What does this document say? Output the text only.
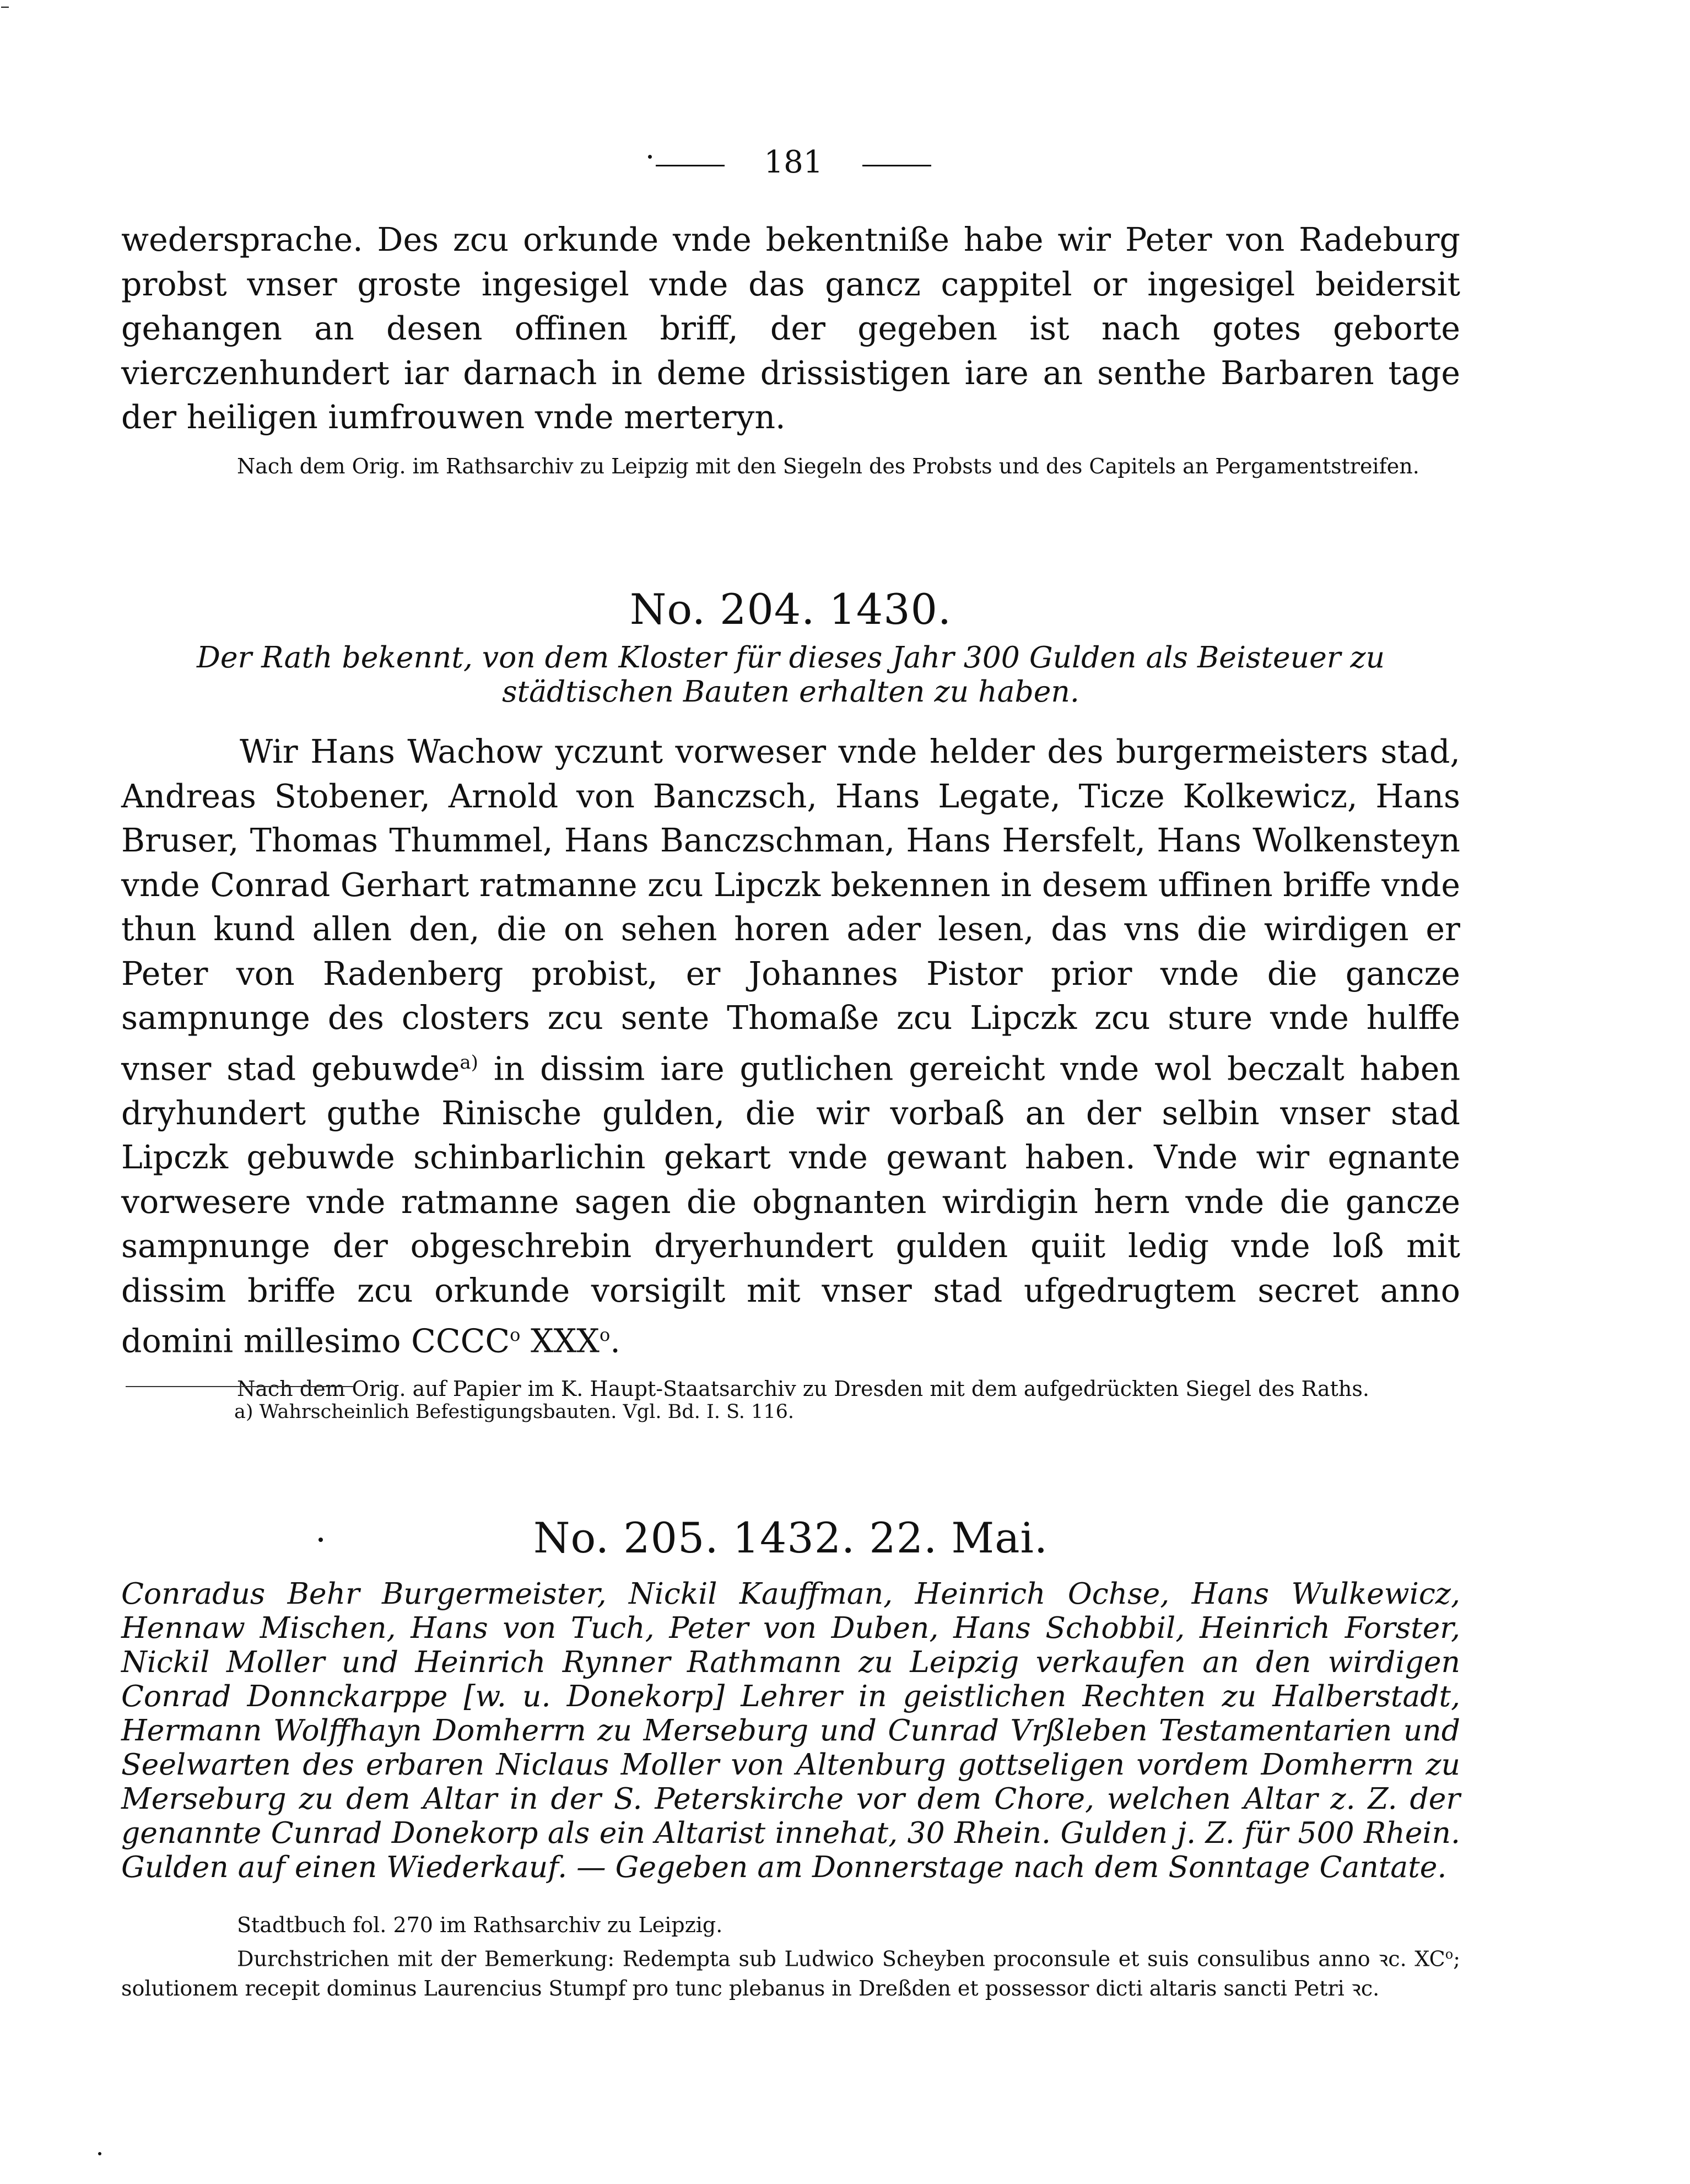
181

wedersprache. Des zcu orkunde vnde bekentniße habe wir Peter von Radeburg probst vnser groste ingesigel vnde das gancz cappitel or ingesigel beidersit gehangen an desen offinen briff, der gegeben ist nach gotes geborte vierczenhundert iar darnach in deme drissistigen iare an senthe Barbaren tage der heiligen iumfrouwen vnde merteryn.

Nach dem Orig. im Rathsarchiv zu Leipzig mit den Siegeln des Probsts und des Capitels an Pergamentstreifen.

No. 204. 1430.

Der Rath bekennt, von dem Kloster für dieses Jahr 300 Gulden als Beisteuer zu städtischen Bauten erhalten zu haben.

Wir Hans Wachow yczunt vorweser vnde helder des burgermeisters stad, Andreas Stobener, Arnold von Banczsch, Hans Legate, Ticze Kolkewicz, Hans Bruser, Thomas Thummel, Hans Banczschman, Hans Hersfelt, Hans Wolkensteyn vnde Conrad Gerhart ratmanne zcu Lipczk bekennen in desem uffinen briffe vnde thun kund allen den, die on sehen horen ader lesen, das vns die wirdigen er Peter von Radenberg probist, er Johannes Pistor prior vnde die gancze sampnunge des closters zcu sente Thomaße zcu Lipczk zcu sture vnde hulffe vnser stad gebuwde$^{a)}$ in dissim iare gutlichen gereicht vnde wol beczalt haben dryhundert guthe Rinische gulden, die wir vorbaß an der selbin vnser stad Lipczk gebuwde schinbarlichin gekart vnde gewant haben. Vnde wir egnante vorwesere vnde ratmanne sagen die obgnanten wirdigin hern vnde die gancze sampnunge der obgeschrebin dryerhundert gulden quiit ledig vnde loß mit dissim briffe zcu orkunde vorsigilt mit vnser stad ufgedrugtem secret anno domini millesimo CCCC$^o$ XXX$^o$.

Nach dem Orig. auf Papier im K. Haupt-Staatsarchiv zu Dresden mit dem aufgedrückten Siegel des Raths.

a) Wahrscheinlich Befestigungsbauten. Vgl. Bd. I. S. 116.

No. 205. 1432. 22. Mai.

Conradus Behr Burgermeister, Nickil Kauffman, Heinrich Ochse, Hans Wulkewicz, Hennaw Mischen, Hans von Tuch, Peter von Duben, Hans Schobbil, Heinrich Forster, Nickil Moller und Heinrich Rynner Rathmann zu Leipzig verkaufen an den wirdigen Conrad Donnckarppe [w. u. Donekorp] Lehrer in geistlichen Rechten zu Halberstadt, Hermann Wolffhayn Domherrn zu Merseburg und Cunrad Vrßleben Testamentarien und Seelwarten des erbaren Niclaus Moller von Altenburg gottseligen vordem Domherrn zu Merseburg zu dem Altar in der S. Peterskirche vor dem Chore, welchen Altar z. Z. der genannte Cunrad Donekorp als ein Altarist innehat, 30 Rhein. Gulden j. Z. für 500 Rhein. Gulden auf einen Wiederkauf. — Gegeben am Donnerstage nach dem Sonntage Cantate.

Stadtbuch fol. 270 im Rathsarchiv zu Leipzig.

Durchstrichen mit der Bemerkung: Redempta sub Ludwico Scheyben proconsule et suis consulibus anno ꝛc. $XC^o$; solutionem recepit dominus Laurencius Stumpf pro tunc plebanus in Dreßden et possessor dicti altaris sancti Petri ꝛc.
